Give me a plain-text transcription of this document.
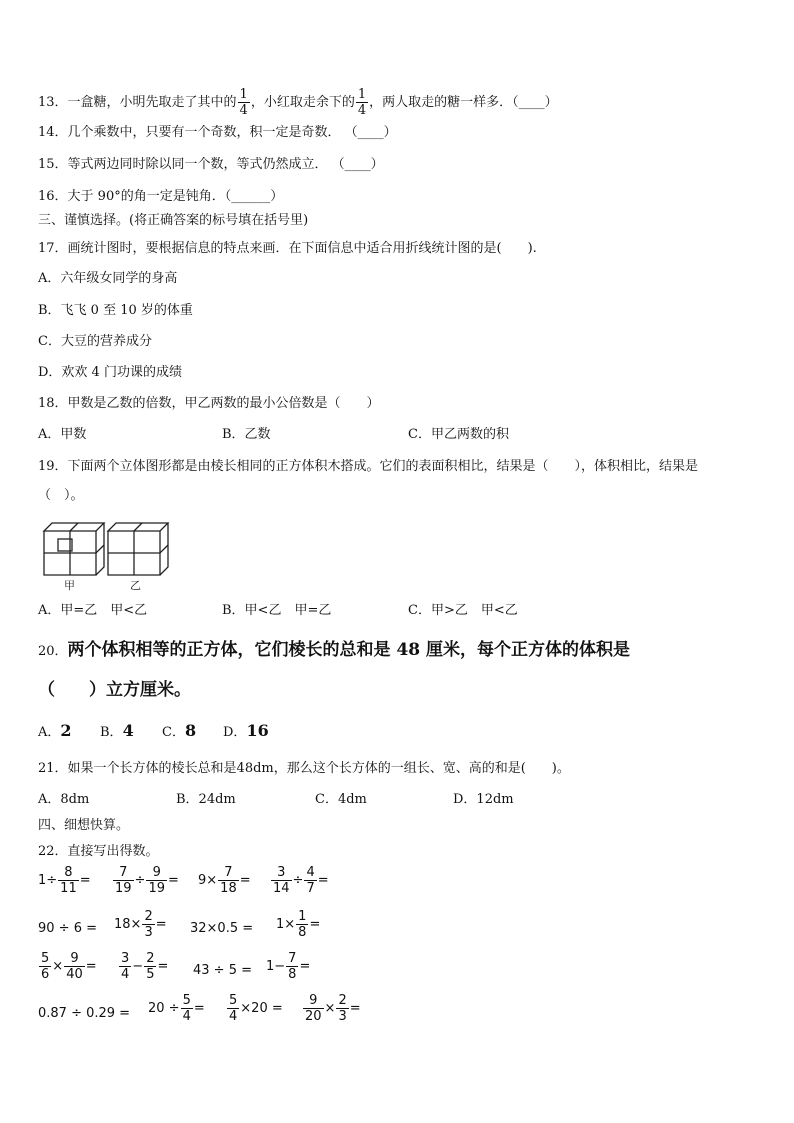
13．一盒糖，小明先取走了其中的 $\frac{1}{4}$ ，小红取走余下的 $\frac{1}{4}$ ，两人取走的糖一样多．（____）
14．几个乘数中，只要有一个奇数，积一定是奇数． （____）
15．等式两边同时除以同一个数，等式仍然成立． （____）
16．大于 90°的角一定是钝角．（______）
三、谨慎选择。(将正确答案的标号填在括号里)
17．画统计图时，要根据信息的特点来画．在下面信息中适合用折线统计图的是(　　).
A．六年级女同学的身高
B．飞飞 0 至 10 岁的体重
C．大豆的营养成分
D．欢欢 4 门功课的成绩
18．甲数是乙数的倍数，甲乙两数的最小公倍数是（　　）
A．甲数	B．乙数	C．甲乙两数的积
19．下面两个立体图形都是由棱长相同的正方体积木搭成。它们的表面积相比，结果是（　　），体积相比，结果是
（　）。
甲	乙
A．甲=乙　甲<乙	B．甲<乙　甲=乙	C．甲>乙　甲<乙
20．两个体积相等的正方体，它们棱长的总和是 48 厘米，每个正方体的体积是
（　　）立方厘米。
A．2 B．4 C．8 D．16
21．如果一个长方体的棱长总和是48dm，那么这个长方体的一组长、宽、高的和是(　　)。
A．8dm	B．24dm	C．4dm	D．12dm
四、细想快算。
22．直接写出得数。
$1\div \frac{8}{11} = \frac{7}{19} \div \frac{9}{19} = 9\times \frac{7}{18} = \frac{3}{14} \div \frac{4}{7}$ =
$90 \div 6 = 18\times \frac{2}{3} = 32\times 0.5 = 1\times \frac{1}{8}$ =
$\frac{5}{6} \times \frac{9}{40} = \frac{3}{4} - \frac{2}{5} = 43 \div 5 = 1- \frac{7}{8}$ =
$0.87 \div 0.29 = 20 \div \frac{5}{4} = \frac{5}{4} \times 20 = \frac{9}{20} \times \frac{2}{3}$ =
